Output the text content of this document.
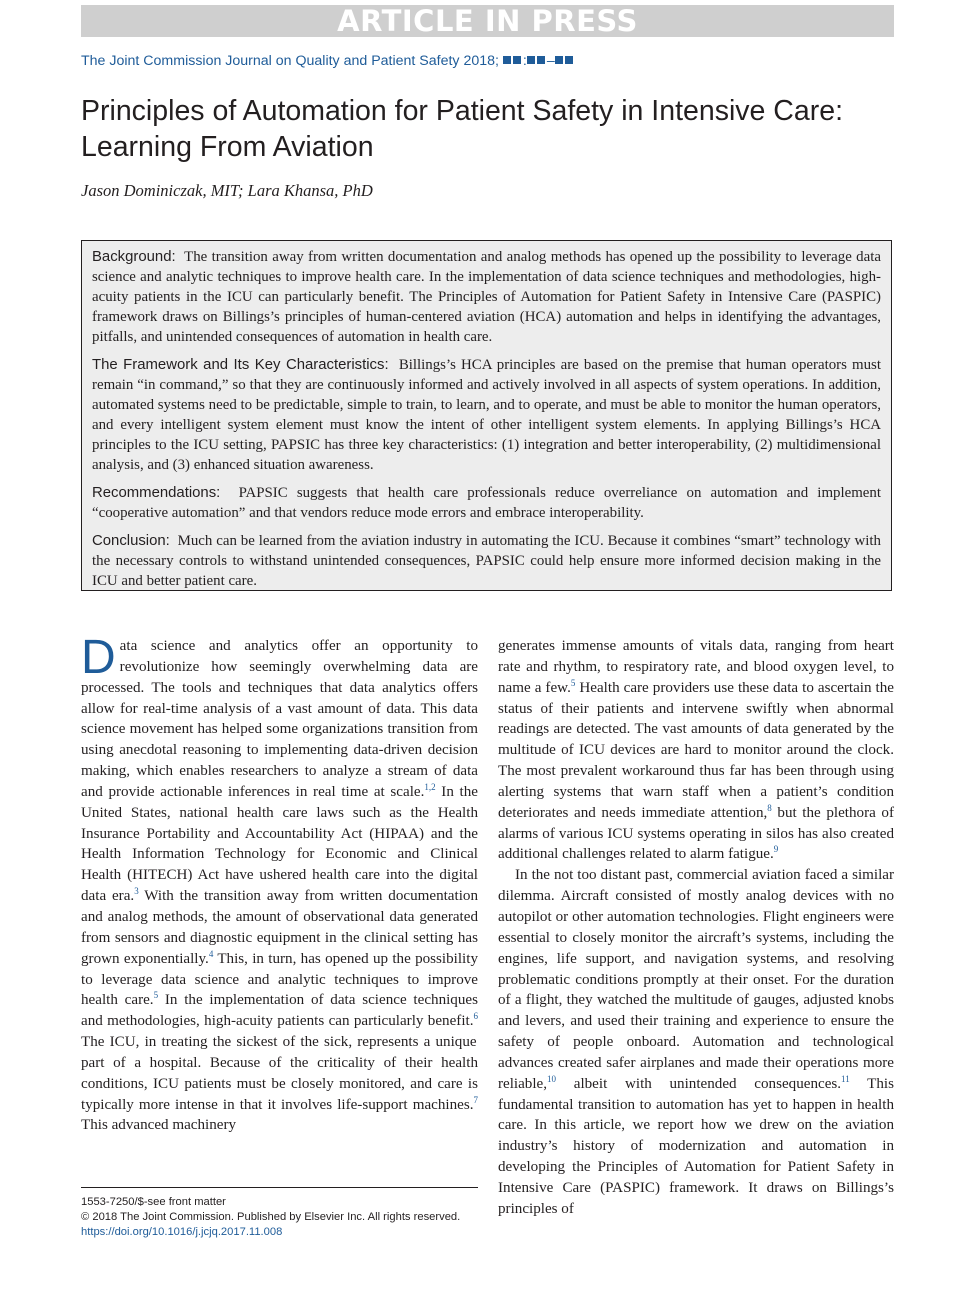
ARTICLE IN PRESS
The Joint Commission Journal on Quality and Patient Safety 2018; : –
Principles of Automation for Patient Safety in Intensive Care: Learning From Aviation
Jason Dominiczak, MIT; Lara Khansa, PhD

Background: The transition away from written documentation and analog methods has opened up the possibility to leverage data science and analytic techniques to improve health care. In the implementation of data science techniques and methodologies, high-acuity patients in the ICU can particularly benefit. The Principles of Automation for Patient Safety in Intensive Care (PASPIC) framework draws on Billings’s principles of human-centered aviation (HCA) automation and helps in identifying the advantages, pitfalls, and unintended consequences of automation in health care.

The Framework and Its Key Characteristics: Billings’s HCA principles are based on the premise that human operators must remain “in command,” so that they are continuously informed and actively involved in all aspects of system operations. In addition, automated systems need to be predictable, simple to train, to learn, and to operate, and must be able to monitor the human operators, and every intelligent system element must know the intent of other intelligent system elements. In applying Billings’s HCA principles to the ICU setting, PAPSIC has three key characteristics: (1) integration and better interoperability, (2) multidimensional analysis, and (3) enhanced situation awareness.

Recommendations: PAPSIC suggests that health care professionals reduce overreliance on automation and implement “cooperative automation” and that vendors reduce mode errors and embrace interoperability.

Conclusion: Much can be learned from the aviation industry in automating the ICU. Because it combines “smart” technology with the necessary controls to withstand unintended consequences, PAPSIC could help ensure more informed decision making in the ICU and better patient care.

Data science and analytics offer an opportunity to revolutionize how seemingly overwhelming data are processed. The tools and techniques that data analytics offers allow for real-time analysis of a vast amount of data. This data science movement has helped some organizations transition from using anecdotal reasoning to implementing data-driven decision making, which enables researchers to analyze a stream of data and provide actionable inferences in real time at scale.$^{1,2}$ In the United States, national health care laws such as the Health Insurance Portability and Accountability Act (HIPAA) and the Health Information Technology for Economic and Clinical Health (HITECH) Act have ushered health care into the digital data era.$^3$ With the transition away from written documentation and analog methods, the amount of observational data generated from sensors and diagnostic equipment in the clinical setting has grown exponentially.$^4$ This, in turn, has opened up the possibility to leverage data science and analytic techniques to improve health care.$^5$ In the implementation of data science techniques and methodologies, high-acuity patients can particularly benefit.$^6$ The ICU, in treating the sickest of the sick, represents a unique part of a hospital. Because of the criticality of their health conditions, ICU patients must be closely monitored, and care is typically more intense in that it involves life-support machines.$^7$ This advanced machinery

generates immense amounts of vitals data, ranging from heart rate and rhythm, to respiratory rate, and blood oxygen level, to name a few.$^5$ Health care providers use these data to ascertain the status of their patients and intervene swiftly when abnormal readings are detected. The vast amounts of data generated by the multitude of ICU devices are hard to monitor around the clock. The most prevalent workaround thus far has been through using alerting systems that warn staff when a patient’s condition deteriorates and needs immediate attention,$^8$ but the plethora of alarms of various ICU systems operating in silos has also created additional challenges related to alarm fatigue.$^9$

In the not too distant past, commercial aviation faced a similar dilemma. Aircraft consisted of mostly analog devices with no autopilot or other automation technologies. Flight engineers were essential to closely monitor the aircraft’s systems, including the engines, life support, and navigation systems, and resolving problematic conditions promptly at their onset. For the duration of a flight, they watched the multitude of gauges, adjusted knobs and levers, and used their training and experience to ensure the safety of people onboard. Automation and technological advances created safer airplanes and made their operations more reliable,$^{10}$ albeit with unintended consequences.$^{11}$ This fundamental transition to automation has yet to happen in health care. In this article, we report how we drew on the aviation industry’s history of modernization and automation in developing the Principles of Automation for Patient Safety in Intensive Care (PASPIC) framework. It draws on Billings’s principles of

1553-7250/$-see front matter
© 2018 The Joint Commission. Published by Elsevier Inc. All rights reserved.
https://doi.org/10.1016/j.jcjq.2017.11.008
